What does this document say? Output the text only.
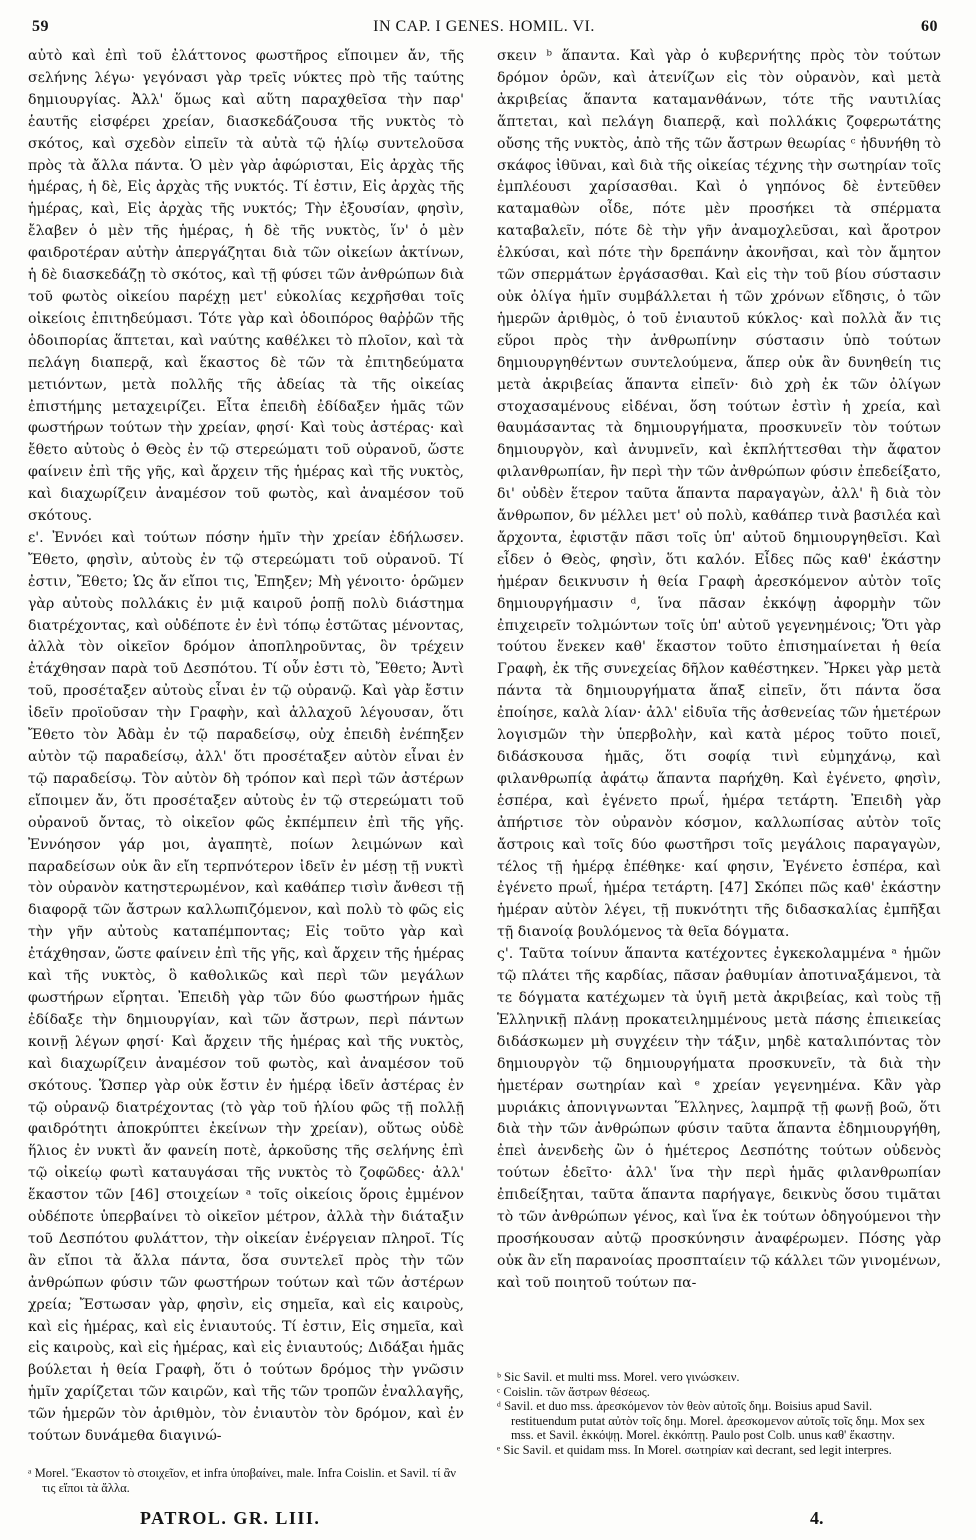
59	IN CAP. I GENES. HOMIL. VI.	60

αὐτὸ καὶ ἐπὶ τοῦ ἐλάττονος φωστῆρος εἴποιμεν ἄν, τῆς σελήνης λέγω· γεγόνασι γὰρ τρεῖς νύκτες πρὸ τῆς ταύτης δημιουργίας. Ἀλλ' ὅμως καὶ αὕτη παραχθεῖσα τὴν παρ' ἑαυτῆς εἰσφέρει χρείαν, διασκεδάζουσα τῆς νυκτὸς τὸ σκότος, καὶ σχεδὸν εἰπεῖν τὰ αὐτὰ τῷ ἡλίῳ συντελοῦσα πρὸς τὰ ἄλλα πάντα. Ὁ μὲν γὰρ ἀφώρισται, Εἰς ἀρχὰς τῆς ἡμέρας, ἡ δὲ, Εἰς ἀρχὰς τῆς νυκτός. Τί ἐστιν, Εἰς ἀρχὰς τῆς ἡμέρας, καὶ, Εἰς ἀρχὰς τῆς νυκτός; Τὴν ἐξουσίαν, φησὶν, ἔλαβεν ὁ μὲν τῆς ἡμέρας, ἡ δὲ τῆς νυκτὸς, ἵν' ὁ μὲν φαιδροτέραν αὐτὴν ἀπεργάζηται διὰ τῶν οἰκείων ἀκτίνων, ἡ δὲ διασκεδάζῃ τὸ σκότος, καὶ τῇ φύσει τῶν ἀνθρώπων διὰ τοῦ φωτὸς οἰκείου παρέχῃ μετ' εὐκολίας κεχρῆσθαι τοῖς οἰκείοις ἐπιτηδεύμασι. Τότε γὰρ καὶ ὁδοιπόρος θαῤῥῶν τῆς ὁδοιπορίας ἅπτεται, καὶ ναύτης καθέλκει τὸ πλοῖον, καὶ τὰ πελάγη διαπερᾷ, καὶ ἕκαστος δὲ τῶν τὰ ἐπιτηδεύματα μετιόντων, μετὰ πολλῆς τῆς ἀδείας τὰ τῆς οἰκείας ἐπιστήμης μεταχειρίζει. Εἶτα ἐπειδὴ ἐδίδαξεν ἡμᾶς τῶν φωστήρων τούτων τὴν χρείαν, φησί· Καὶ τοὺς ἀστέρας· καὶ ἔθετο αὐτοὺς ὁ Θεὸς ἐν τῷ στερεώματι τοῦ οὐρανοῦ, ὥστε φαίνειν ἐπὶ τῆς γῆς, καὶ ἄρχειν τῆς ἡμέρας καὶ τῆς νυκτὸς, καὶ διαχωρίζειν ἀναμέσον τοῦ φωτὸς, καὶ ἀναμέσον τοῦ σκότους.

ε'. Ἐννόει καὶ τούτων πόσην ἡμῖν τὴν χρείαν ἐδήλωσεν. Ἔθετο, φησὶν, αὐτοὺς ἐν τῷ στερεώματι τοῦ οὐρανοῦ. Τί ἐστιν, Ἔθετο; Ὡς ἄν εἴποι τις, Ἐπηξεν; Μὴ γένοιτο· ὁρῶμεν γὰρ αὐτοὺς πολλάκις ἐν μιᾷ καιροῦ ῥοπῇ πολὺ διάστημα διατρέχοντας, καὶ οὐδέποτε ἐν ἑνὶ τόπῳ ἑστῶτας μένοντας, ἀλλὰ τὸν οἰκεῖον δρόμον ἀποπληροῦντας, ὃν τρέχειν ἐτάχθησαν παρὰ τοῦ Δεσπότου. Τί οὖν ἐστι τὸ, Ἔθετο; Ἀντὶ τοῦ, προσέταξεν αὐτοὺς εἶναι ἐν τῷ οὐρανῷ. Καὶ γὰρ ἔστιν ἰδεῖν προϊοῦσαν τὴν Γραφὴν, καὶ ἀλλαχοῦ λέγουσαν, ὅτι Ἔθετο τὸν Ἀδὰμ ἐν τῷ παραδείσῳ, οὐχ ἐπειδὴ ἐνέπηξεν αὐτὸν τῷ παραδείσῳ, ἀλλ' ὅτι προσέταξεν αὐτὸν εἶναι ἐν τῷ παραδείσῳ. Τὸν αὐτὸν δὴ τρόπον καὶ περὶ τῶν ἀστέρων εἴποιμεν ἄν, ὅτι προσέταξεν αὐτοὺς ἐν τῷ στερεώματι τοῦ οὐρανοῦ ὄντας, τὸ οἰκεῖον φῶς ἐκπέμπειν ἐπὶ τῆς γῆς. Ἐννόησον γάρ μοι, ἀγαπητὲ, ποίων λειμώνων καὶ παραδείσων οὐκ ἂν εἴη τερπνότερον ἰδεῖν ἐν μέσῃ τῇ νυκτὶ τὸν οὐρανὸν κατηστερωμένον, καὶ καθάπερ τισὶν ἄνθεσι τῇ διαφορᾷ τῶν ἄστρων καλλωπιζόμενον, καὶ πολὺ τὸ φῶς εἰς τὴν γῆν αὐτοὺς καταπέμποντας; Εἰς τοῦτο γὰρ καὶ ἐτάχθησαν, ὥστε φαίνειν ἐπὶ τῆς γῆς, καὶ ἄρχειν τῆς ἡμέρας καὶ τῆς νυκτὸς, ὃ καθολικῶς καὶ περὶ τῶν μεγάλων φωστήρων εἴρηται. Ἐπειδὴ γὰρ τῶν δύο φωστήρων ἡμᾶς ἐδίδαξε τὴν δημιουργίαν, καὶ τῶν ἄστρων, περὶ πάντων κοινῇ λέγων φησί· Καὶ ἄρχειν τῆς ἡμέρας καὶ τῆς νυκτὸς, καὶ διαχωρίζειν ἀναμέσον τοῦ φωτὸς, καὶ ἀναμέσον τοῦ σκότους. Ὥσπερ γὰρ οὐκ ἔστιν ἐν ἡμέρᾳ ἰδεῖν ἀστέρας ἐν τῷ οὐρανῷ διατρέχοντας (τὸ γὰρ τοῦ ἡλίου φῶς τῇ πολλῇ φαιδρότητι ἀποκρύπτει ἐκείνων τὴν χρείαν), οὕτως οὐδὲ ἥλιος ἐν νυκτὶ ἄν φανείη ποτὲ, ἀρκοῦσης τῆς σελήνης ἐπὶ τῷ οἰκείῳ φωτὶ καταυγάσαι τῆς νυκτὸς τὸ ζοφῶδες· ἀλλ' ἕκαστον τῶν [46] στοιχείων ᵃ τοῖς οἰκείοις ὅροις ἐμμένον οὐδέποτε ὑπερβαίνει τὸ οἰκεῖον μέτρον, ἀλλὰ τὴν διάταξιν τοῦ Δεσπότου φυλάττον, τὴν οἰκείαν ἐνέργειαν πληροῖ. Τίς ἂν εἴποι τὰ ἄλλα πάντα, ὅσα συντελεῖ πρὸς τὴν τῶν ἀνθρώπων φύσιν τῶν φωστήρων τούτων καὶ τῶν ἀστέρων χρεία; Ἔστωσαν γὰρ, φησὶν, εἰς σημεῖα, καὶ εἰς καιροὺς, καὶ εἰς ἡμέρας, καὶ εἰς ἐνιαυτούς. Τί ἐστιν, Εἰς σημεῖα, καὶ εἰς καιροὺς, καὶ εἰς ἡμέρας, καὶ εἰς ἐνιαυτούς; Διδάξαι ἡμᾶς βούλεται ἡ θεία Γραφὴ, ὅτι ὁ τούτων δρόμος τὴν γνῶσιν ἡμῖν χαρίζεται τῶν καιρῶν, καὶ τῆς τῶν τροπῶν ἐναλλαγῆς, τῶν ἡμερῶν τὸν ἀριθμὸν, τὸν ἐνιαυτὸν τὸν δρόμον, καὶ ἐν τούτων δυνάμεθα διαγινώ-

σκειν ᵇ ἅπαντα. Καὶ γὰρ ὁ κυβερνήτης πρὸς τὸν τούτων δρόμον ὁρῶν, καὶ ἀτενίζων εἰς τὸν οὐρανὸν, καὶ μετὰ ἀκριβείας ἅπαντα καταμανθάνων, τότε τῆς ναυτιλίας ἅπτεται, καὶ πελάγη διαπερᾷ, καὶ πολλάκις ζοφερωτάτης οὔσης τῆς νυκτὸς, ἀπὸ τῆς τῶν ἄστρων θεωρίας ᶜ ἠδυνήθη τὸ σκάφος ἰθῦναι, καὶ διὰ τῆς οἰκείας τέχνης τὴν σωτηρίαν τοῖς ἐμπλέουσι χαρίσασθαι. Καὶ ὁ γηπόνος δὲ ἐντεῦθεν καταμαθὼν οἶδε, πότε μὲν προσήκει τὰ σπέρματα καταβαλεῖν, πότε δὲ τὴν γῆν ἀναμοχλεῦσαι, καὶ ἄροτρον ἑλκύσαι, καὶ πότε τὴν δρεπάνην ἀκονῆσαι, καὶ τὸν ἄμητον τῶν σπερμάτων ἐργάσασθαι. Καὶ εἰς τὴν τοῦ βίου σύστασιν οὐκ ὀλίγα ἡμῖν συμβάλλεται ἡ τῶν χρόνων εἴδησις, ὁ τῶν ἡμερῶν ἀριθμὸς, ὁ τοῦ ἐνιαυτοῦ κύκλος· καὶ πολλὰ ἄν τις εὕροι πρὸς τὴν ἀνθρωπίνην σύστασιν ὑπὸ τούτων δημιουργηθέντων συντελούμενα, ἅπερ οὐκ ἂν δυνηθείη τις μετὰ ἀκριβείας ἅπαντα εἰπεῖν· διὸ χρὴ ἐκ τῶν ὀλίγων στοχασαμένους εἰδέναι, ὅση τούτων ἐστὶν ἡ χρεία, καὶ θαυμάσαντας τὰ δημιουργήματα, προσκυνεῖν τὸν τούτων δημιουργὸν, καὶ ἀνυμνεῖν, καὶ ἐκπλήττεσθαι τὴν ἄφατον φιλανθρωπίαν, ἣν περὶ τὴν τῶν ἀνθρώπων φύσιν ἐπεδείξατο, δι' οὐδὲν ἕτερον ταῦτα ἅπαντα παραγαγὼν, ἀλλ' ἢ διὰ τὸν ἄνθρωπον, δν μέλλει μετ' οὐ πολὺ, καθάπερ τινὰ βασιλέα καὶ ἄρχοντα, ἐφιστᾷν πᾶσι τοῖς ὑπ' αὐτοῦ δημιουργηθεῖσι. Καὶ εἶδεν ὁ Θεὸς, φησὶν, ὅτι καλόν. Εἶδες πῶς καθ' ἑκάστην ἡμέραν δεικνυσιν ἡ θεία Γραφὴ ἀρεσκόμενον αὐτὸν τοῖς δημιουργήμασιν ᵈ, ἵνα πᾶσαν ἐκκόψῃ ἀφορμὴν τῶν ἐπιχειρεῖν τολμώντων τοῖς ὑπ' αὐτοῦ γεγενημένοις; Ὅτι γὰρ τούτου ἕνεκεν καθ' ἕκαστον τοῦτο ἐπισημαίνεται ἡ θεία Γραφὴ, ἐκ τῆς συνεχείας δῆλον καθέστηκεν. Ἤρκει γὰρ μετὰ πάντα τὰ δημιουργήματα ἅπαξ εἰπεῖν, ὅτι πάντα ὅσα ἐποίησε, καλὰ λίαν· ἀλλ' εἰδυῖα τῆς ἀσθενείας τῶν ἡμετέρων λογισμῶν τὴν ὑπερβολὴν, καὶ κατὰ μέρος τοῦτο ποιεῖ, διδάσκουσα ἡμᾶς, ὅτι σοφίᾳ τινὶ εὐμηχάνῳ, καὶ φιλανθρωπίᾳ ἀφάτῳ ἅπαντα παρήχθη. Καὶ ἐγένετο, φησὶν, ἑσπέρα, καὶ ἐγένετο πρωΐ, ἡμέρα τετάρτη. Ἐπειδὴ γὰρ ἀπήρτισε τὸν οὐρανὸν κόσμον, καλλωπίσας αὐτὸν τοῖς ἄστροις καὶ τοῖς δύο φωστῆρσι τοῖς μεγάλοις παραγαγὼν, τέλος τῇ ἡμέρᾳ ἐπέθηκε· καί φησιν, Ἐγένετο ἑσπέρα, καὶ ἐγένετο πρωΐ, ἡμέρα τετάρτη. [47] Σκόπει πῶς καθ' ἑκάστην ἡμέραν αὐτὸν λέγει, τῇ πυκνότητι τῆς διδασκαλίας ἐμπῆξαι τῇ διανοίᾳ βουλόμενος τὰ θεῖα δόγματα.

ς'. Ταῦτα τοίνυν ἅπαντα κατέχοντες ἐγκεκολαμμένα ᵃ ἡμῶν τῷ πλάτει τῆς καρδίας, πᾶσαν ῥαθυμίαν ἀποτιναξάμενοι, τὰ τε δόγματα κατέχωμεν τὰ ὑγιῆ μετὰ ἀκριβείας, καὶ τοὺς τῇ Ἑλληνικῇ πλάνῃ προκατειλημμένους μετὰ πάσης ἐπιεικείας διδάσκωμεν μὴ συγχέειν τὴν τάξιν, μηδὲ καταλιπόντας τὸν δημιουργὸν τῷ δημιουργήματα προσκυνεῖν, τὰ διὰ τὴν ἡμετέραν σωτηρίαν καὶ ᵉ χρείαν γεγενημένα. Κἂν γὰρ μυριάκις ἀπονιγνωνται Ἕλληνες, λαμπρᾷ τῇ φωνῇ βοῶ, ὅτι διὰ τὴν τῶν ἀνθρώπων φύσιν ταῦτα ἅπαντα ἐδημιουργήθη, ἐπεὶ ἀνενδεὴς ὢν ὁ ἡμέτερος Δεσπότης τούτων οὐδενὸς τούτων ἐδεῖτο· ἀλλ' ἵνα τὴν περὶ ἡμᾶς φιλανθρωπίαν ἐπιδείξηται, ταῦτα ἅπαντα παρήγαγε, δεικνὺς ὅσου τιμᾶται τὸ τῶν ἀνθρώπων γένος, καὶ ἵνα ἐκ τούτων ὁδηγούμενοι τὴν προσήκουσαν αὐτῷ προσκύνησιν ἀναφέρωμεν. Πόσης γὰρ οὐκ ἂν εἴη παρανοίας προσπταίειν τῷ κάλλει τῶν γινομένων, καὶ τοῦ ποιητοῦ τούτων πα-

ᵇ Sic Savil. et multi mss. Morel. vero γινώσκειν.

ᶜ Coislin. τῶν ἄστρων θέσεως.

ᵈ Savil. et duo mss. ἀρεσκόμενον τὸν θεὸν αὐτοῖς δημ. Boisius apud Savil. restituendum putat αὐτὸν τοῖς δημ. Morel. ἀρεσκομενον αὐτοῖς τοῖς δημ. Mox sex mss. et Savil. ἐκκόψῃ. Morel. ἐκκόπτῃ. Paulo post Colb. unus καθ' ἕκαστην.

ᵉ Sic Savil. et quidam mss. In Morel. σωτηρίαν καὶ decrant, sed legit interpres.

ᵃ Morel. Ἕκαστον τὸ στοιχεῖον, et infra ὑποβαίνει, male. Infra Coislin. et Savil. τί ἂν τις εἴποι τὰ ἄλλα.

PATROL. GR. LIII.	4.
